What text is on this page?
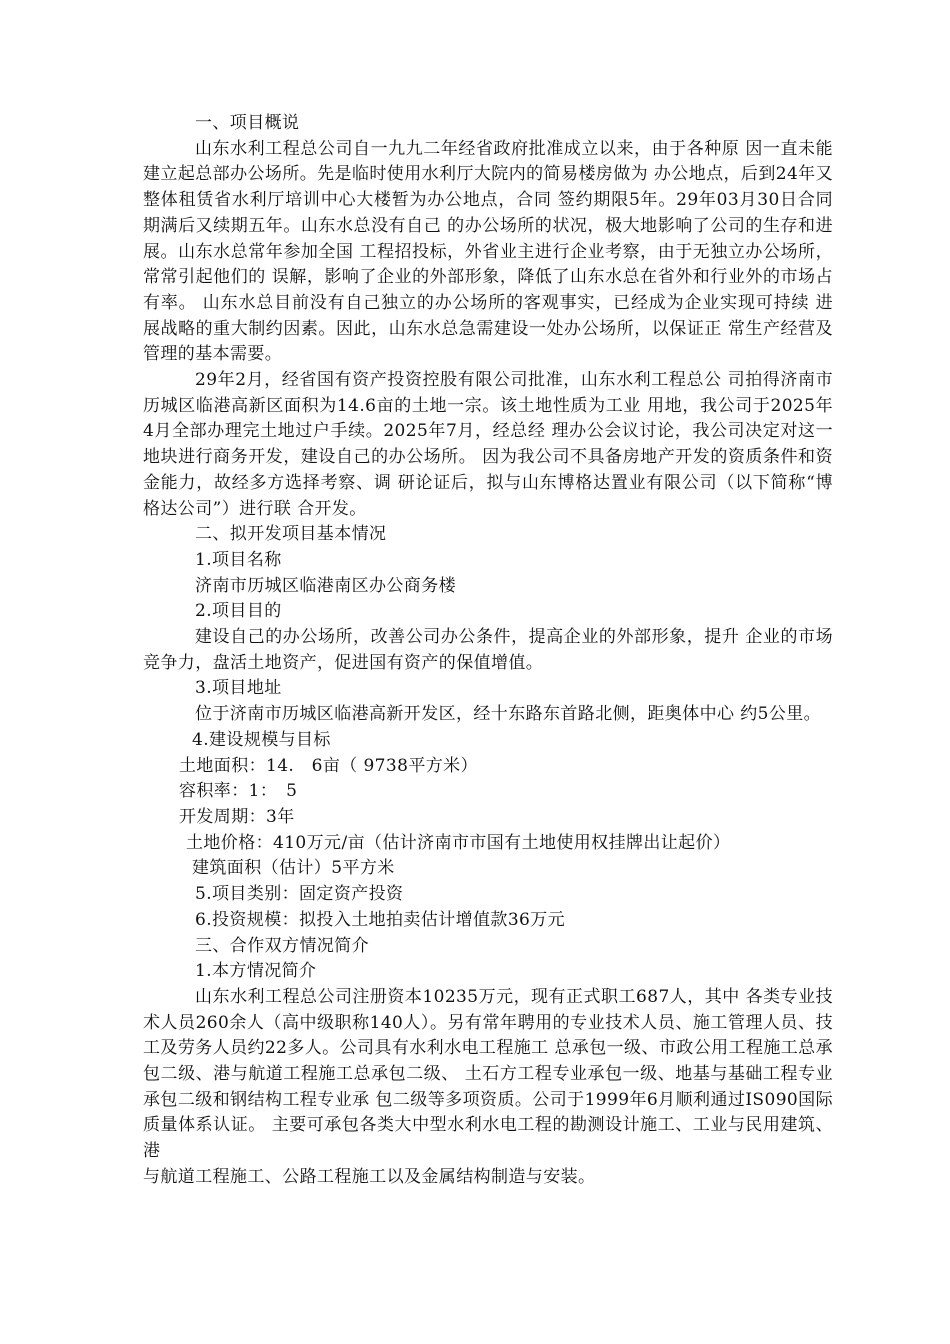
一、项目概说

山东水利工程总公司自一九九二年经省政府批准成立以来，由于各种原 因一直未能建立起总部办公场所。先是临时使用水利厅大院内的简易楼房做为 办公地点，后到24年又整体租赁省水利厅培训中心大楼暂为办公地点，合同 签约期限5年。29年03月30日合同期满后又续期五年。山东水总没有自己 的办公场所的状况，极大地影响了公司的生存和进展。山东水总常年参加全国 工程招投标，外省业主进行企业考察，由于无独立办公场所，常常引起他们的 误解，影响了企业的外部形象，降低了山东水总在省外和行业外的市场占有率。 山东水总目前没有自己独立的办公场所的客观事实，已经成为企业实现可持续 进展战略的重大制约因素。因此，山东水总急需建设一处办公场所，以保证正 常生产经营及管理的基本需要。

29年2月，经省国有资产投资控股有限公司批准，山东水利工程总公 司拍得济南市历城区临港高新区面积为14.6亩的土地一宗。该土地性质为工业 用地，我公司于2025年4月全部办理完土地过户手续。2025年7月，经总经 理办公会议讨论，我公司决定对这一地块进行商务开发，建设自己的办公场所。 因为我公司不具备房地产开发的资质条件和资金能力，故经多方选择考察、调 研论证后，拟与山东博格达置业有限公司（以下简称“博格达公司”）进行联 合开发。

二、拟开发项目基本情况

1.项目名称

济南市历城区临港南区办公商务楼

2.项目目的

建设自己的办公场所，改善公司办公条件，提高企业的外部形象，提升 企业的市场竞争力，盘活土地资产，促进国有资产的保值增值。

3.项目地址

位于济南市历城区临港高新开发区，经十东路东首路北侧，距奥体中心 约5公里。

4.建设规模与目标

土地面积：14.　6亩（ 9738平方米）

容积率：1：　5

开发周期：3年

土地价格：410万元/亩（估计济南市市国有土地使用权挂牌出让起价）

建筑面积（估计）5平方米

5.项目类别：固定资产投资

6.投资规模：拟投入土地拍卖估计增值款36万元

三、合作双方情况简介

1.本方情况简介

山东水利工程总公司注册资本10235万元，现有正式职工687人，其中 各类专业技术人员260余人（高中级职称140人）。另有常年聘用的专业技术人员、施工管理人员、技工及劳务人员约22多人。公司具有水利水电工程施工 总承包一级、市政公用工程施工总承包二级、港与航道工程施工总承包二级、 土石方工程专业承包一级、地基与基础工程专业承包二级和钢结构工程专业承 包二级等多项资质。公司于1999年6月顺利通过IS090国际质量体系认证。 主要可承包各类大中型水利水电工程的勘测设计施工、工业与民用建筑、港

与航道工程施工、公路工程施工以及金属结构制造与安装。
